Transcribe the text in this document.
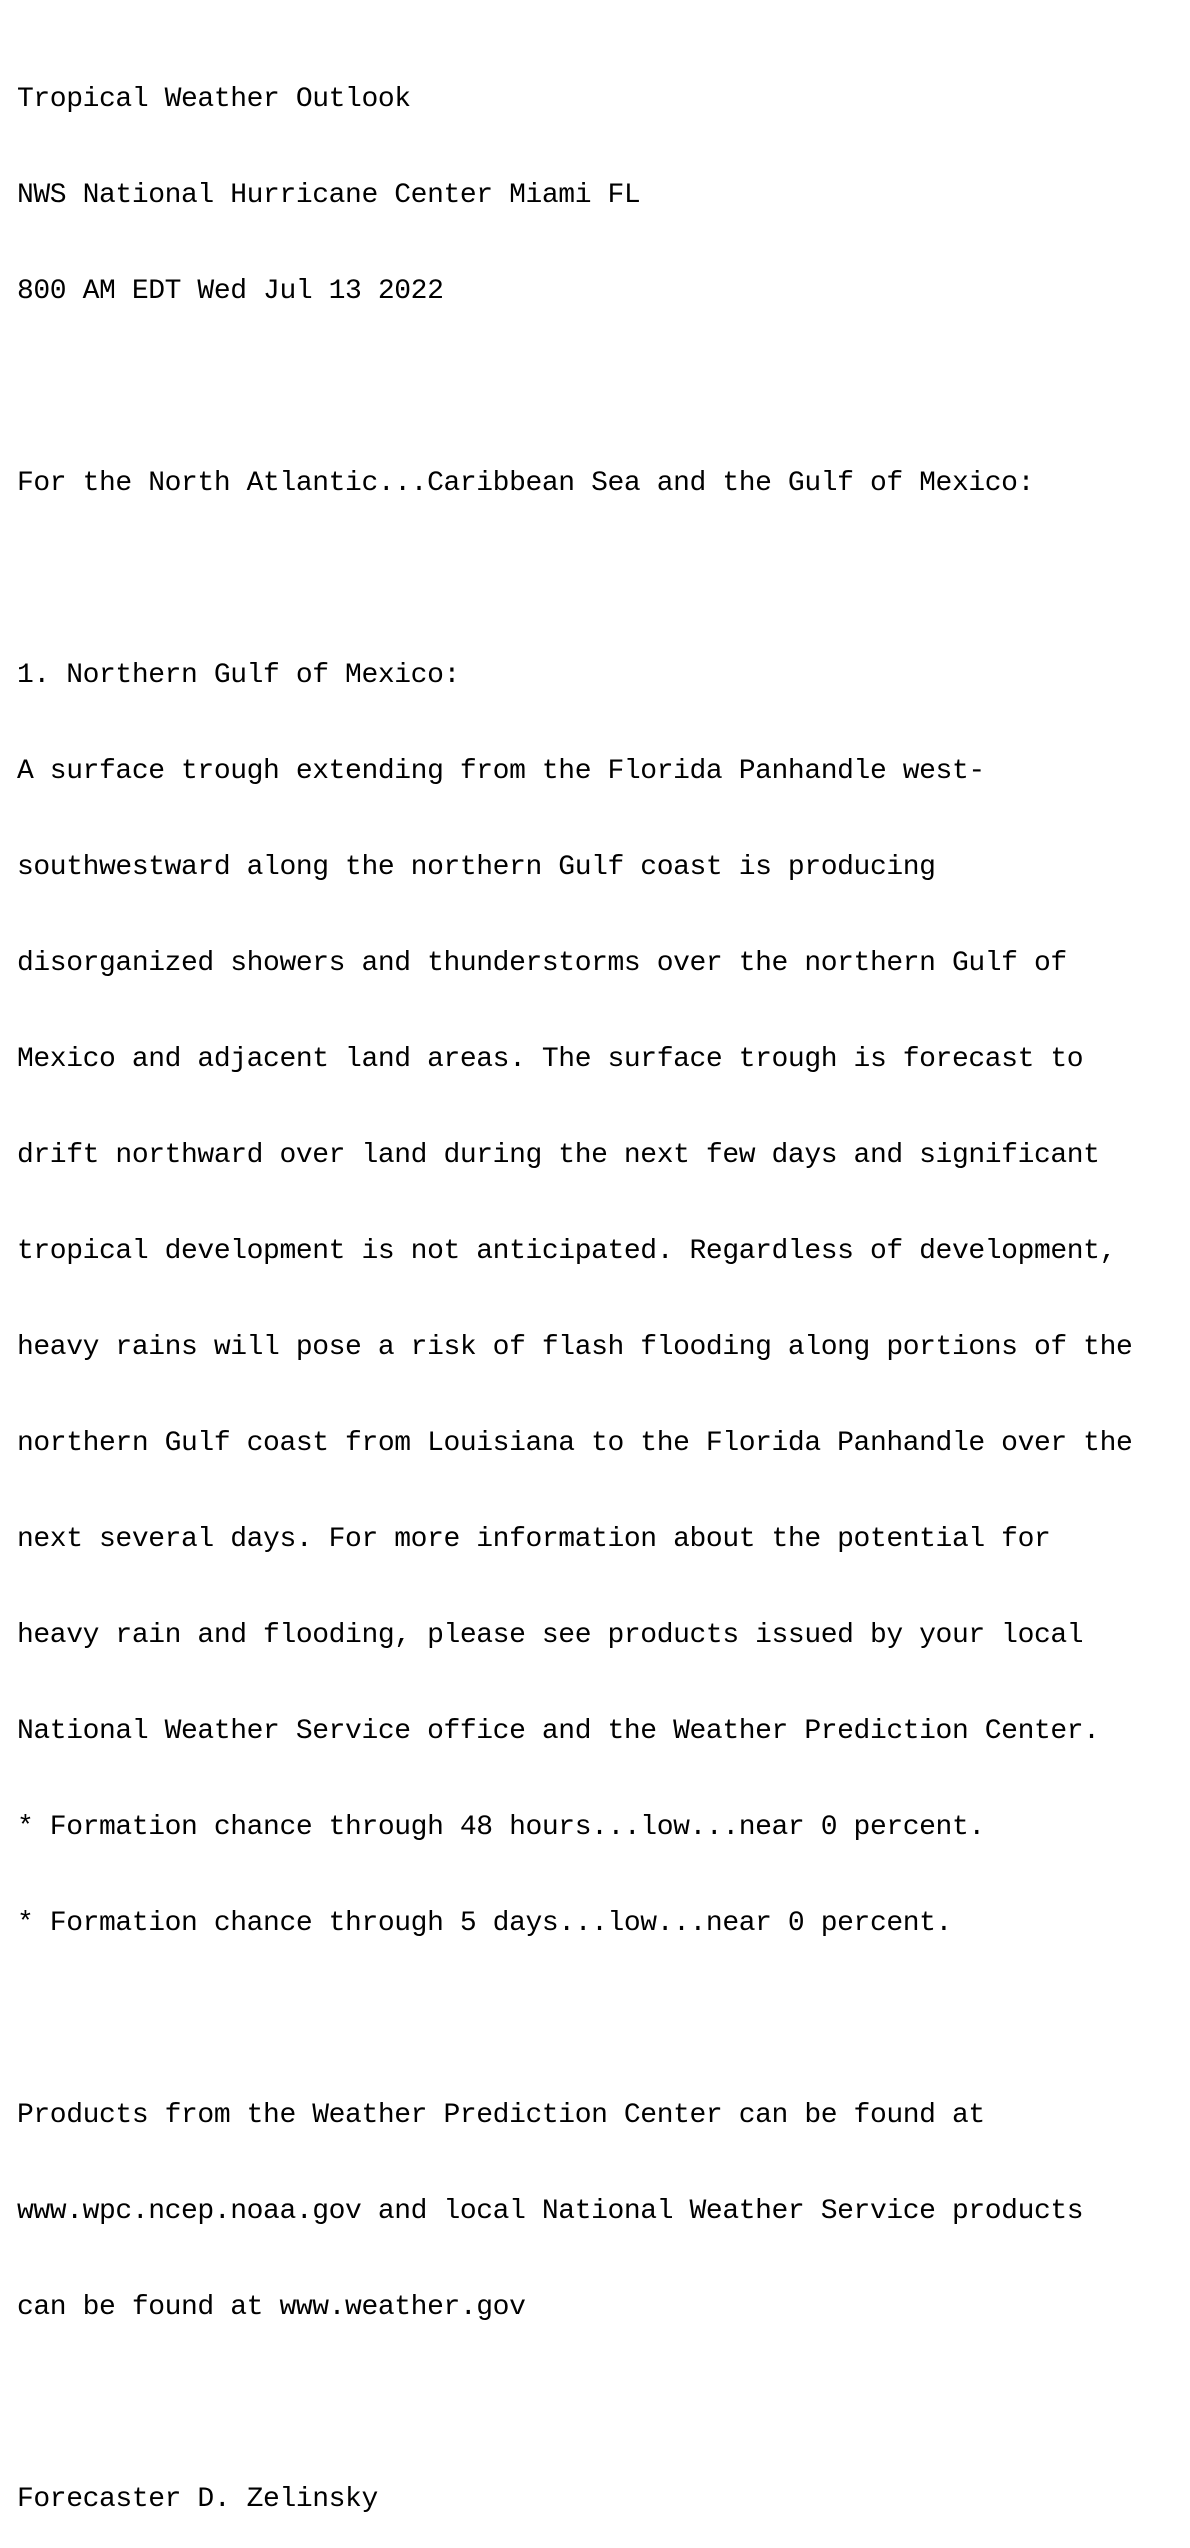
Tropical Weather Outlook

NWS National Hurricane Center Miami FL

800 AM EDT Wed Jul 13 2022

For the North Atlantic...Caribbean Sea and the Gulf of Mexico:

1. Northern Gulf of Mexico:

A surface trough extending from the Florida Panhandle west-

southwestward along the northern Gulf coast is producing

disorganized showers and thunderstorms over the northern Gulf of

Mexico and adjacent land areas. The surface trough is forecast to

drift northward over land during the next few days and significant

tropical development is not anticipated. Regardless of development,

heavy rains will pose a risk of flash flooding along portions of the

northern Gulf coast from Louisiana to the Florida Panhandle over the

next several days. For more information about the potential for

heavy rain and flooding, please see products issued by your local

National Weather Service office and the Weather Prediction Center.

* Formation chance through 48 hours...low...near 0 percent.

* Formation chance through 5 days...low...near 0 percent.

Products from the Weather Prediction Center can be found at

www.wpc.ncep.noaa.gov and local National Weather Service products

can be found at www.weather.gov

Forecaster D. Zelinsky
